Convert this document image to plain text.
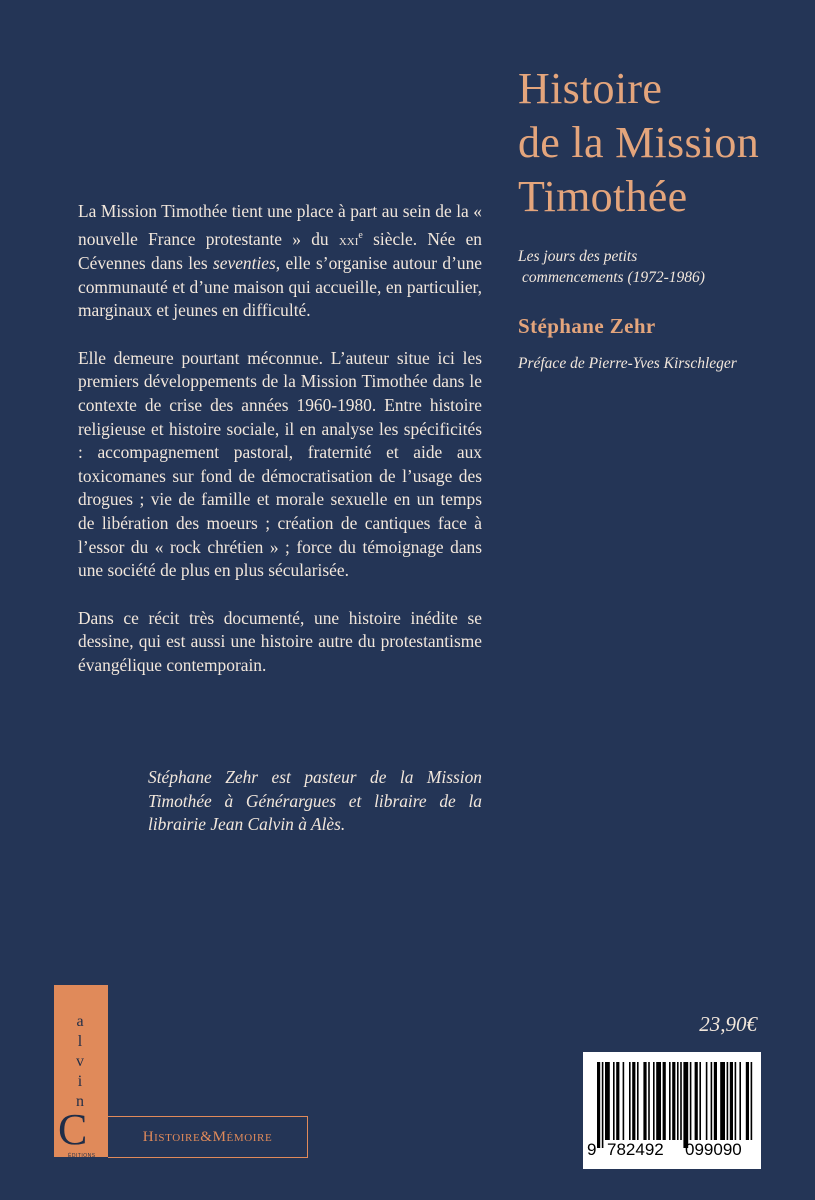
Histoire
de la Mission
Timothée
Les jours des petits
commencements (1972-1986)
Stéphane Zehr
Préface de Pierre-Yves Kirschleger

La Mission Timothée tient une place à part au sein de la « nouvelle France protestante » du xxi$^e$ siècle. Née en Cévennes dans les seventies, elle s’organise autour d’une communauté et d’une maison qui accueille, en particulier, marginaux et jeunes en difficulté.

Elle demeure pourtant méconnue. L’auteur situe ici les premiers développements de la Mission Timothée dans le contexte de crise des années 1960-1980. Entre histoire religieuse et histoire sociale, il en analyse les spécificités : accompagnement pastoral, fraternité et aide aux toxicomanes sur fond de démocratisation de l’usage des drogues ; vie de famille et morale sexuelle en un temps de libération des moeurs ; création de cantiques face à l’essor du « rock chrétien » ; force du témoignage dans une société de plus en plus sécularisée.

Dans ce récit très documenté, une histoire inédite se dessine, qui est aussi une histoire autre du protestantisme évangélique contemporain.

Stéphane Zehr est pasteur de la Mission Timothée à Générargues et libraire de la librairie Jean Calvin à Alès.
23,90€
9 782492 099090
a
l
v
i
n
C
ÉDITIONS
Histoire&Mémoire
